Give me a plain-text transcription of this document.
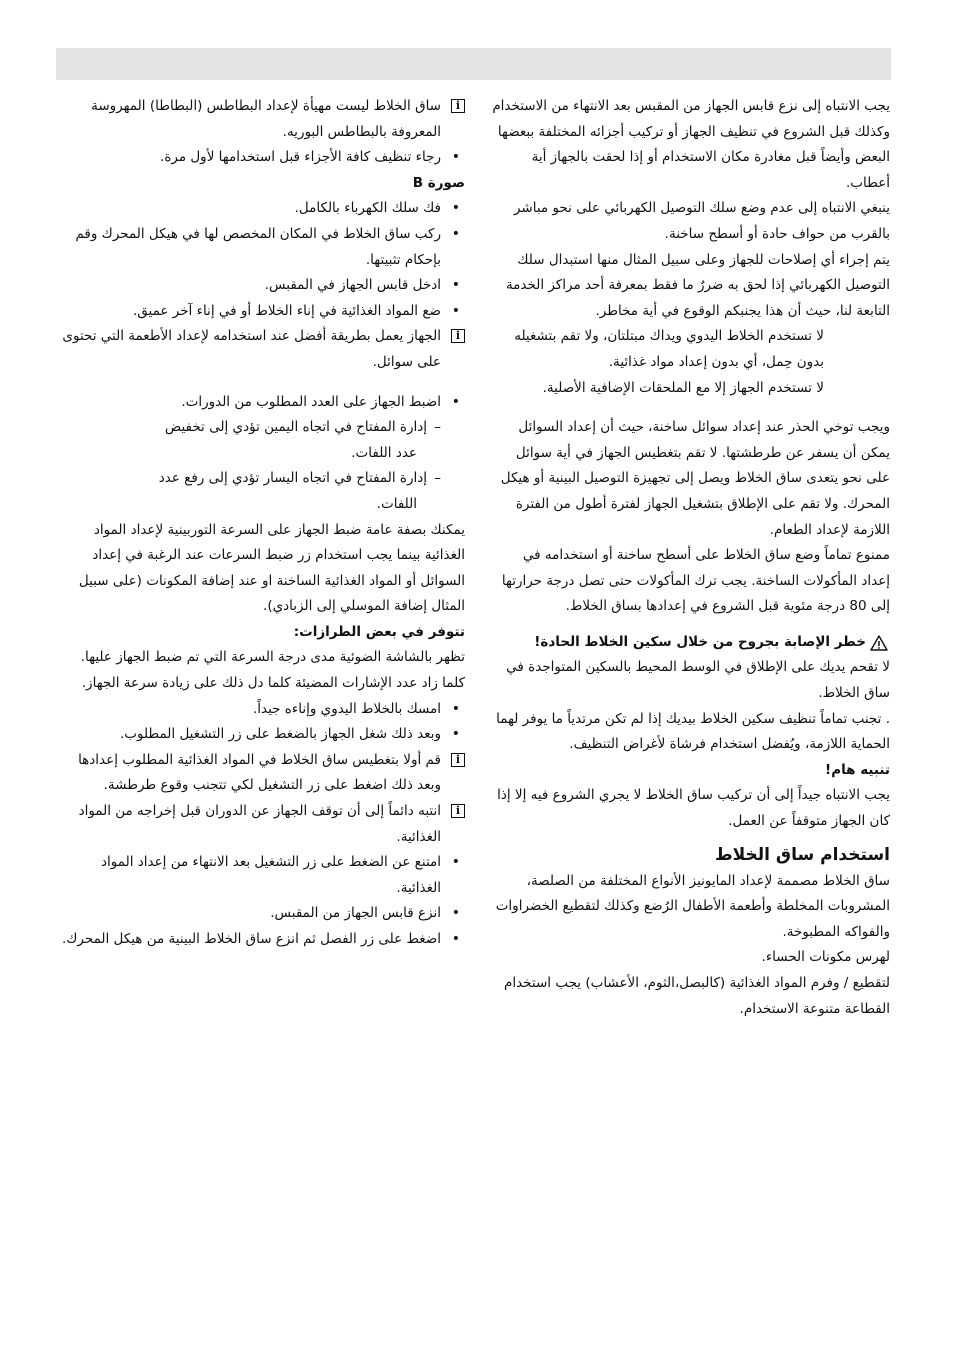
يجب الانتباه إلى نزع قابس الجهاز من المقبس بعد الانتهاء من الاستخدام وكذلك قبل الشروع في تنظيف الجهاز أو تركيب أجزائه المختلفة ببعضها البعض وأيضاً قبل مغادرة مكان الاستخدام أو إذا لحقت بالجهاز أية أعطاب.

ينبغي الانتباه إلى عدم وضع سلك التوصيل الكهربائي على نحو مباشر بالقرب من حواف حادة أو أسطح ساخنة.

يتم إجراء أي إصلاحات للجهاز وعلى سبيل المثال منها استبدال سلك التوصيل الكهربائي إذا لحق به ضررٌ ما فقط بمعرفة أحد مراكز الخدمة التابعة لنا، حيث أن هذا يجنبكم الوقوع في أية مخاطر.

لا تستخدم الخلاط اليدوي ويداك مبتلتان، ولا تقم بتشغيله بدون حِمل، أي بدون إعداد مواد غذائية.

لا تستخدم الجهاز إلا مع الملحقات الإضافية الأصلية.

ويجب توخي الحذر عند إعداد سوائل ساخنة، حيث أن إعداد السوائل يمكن أن يسفر عن طرطشتها. لا تقم بتغطيس الجهاز في أية سوائل على نحو يتعدى ساق الخلاط ويصل إلى تجهيزة التوصيل البينية أو هيكل المحرك. ولا تقم على الإطلاق بتشغيل الجهاز لفترة أطول من الفترة اللازمة لإعداد الطعام.

ممنوع تماماً وضع ساق الخلاط على أسطح ساخنة أو استخدامه في إعداد المأكولات الساخنة. يجب ترك المأكولات حتى تصل درجة حرارتها إلى 80 درجة مئوية قبل الشروع في إعدادها بساق الخلاط.

خطر الإصابة بجروح من خلال سكين الخلاط الحادة!

لا تقحم يديك على الإطلاق في الوسط المحيط بالسكين المتواجدة في ساق الخلاط.

. تجنب تماماً تنظيف سكين الخلاط بيديك إذا لم تكن مرتدياً ما يوفر لهما الحماية اللازمة، ويُفضل استخدام فرشاة لأغراض التنظيف.

تنبيه هام!

يجب الانتباه جيداً إلى أن تركيب ساق الخلاط لا يجري الشروع فيه إلا إذا كان الجهاز متوقفاً عن العمل.

استخدام ساق الخلاط

ساق الخلاط مصممة لإعداد المايونيز الأنواع المختلفة من الصلصة، المشروبات المخلطة وأطعمة الأطفال الرُضع وكذلك لتقطيع الخضراوات والفواكه المطبوخة.

لهرس مكونات الحساء.

لتقطيع / وفرم المواد الغذائية (كالبصل،الثوم، الأعشاب) يجب استخدام القطاعة متنوعة الاستخدام.

i
ساق الخلاط ليست مهيأة لإعداد البطاطس (البطاطا) المهروسة المعروفة بالبطاطس البوريه.

• رجاء تنظيف كافة الأجزاء قبل استخدامها لأول مرة.

صورة B

• فك سلك الكهرباء بالكامل.

• ركب ساق الخلاط في المكان المخصص لها في هيكل المحرك وقم بإحكام تثبيتها.

• ادخل قابس الجهاز في المقبس.

• ضع المواد الغذائية في إناء الخلاط أو في إناء آخر عميق.

i
الجهاز يعمل بطريقة أفضل عند استخدامه لإعداد الأطعمة التي تحتوى على سوائل.

• اضبط الجهاز على العدد المطلوب من الدورات.

– إدارة المفتاح في اتجاه اليمين تؤدي إلى تخفيض

عدد اللفات.

– إدارة المفتاح في اتجاه اليسار تؤدي إلى رفع عدد

اللفات.

يمكنك بصفة عامة ضبط الجهاز على السرعة التوربينية لإعداد المواد الغذائية بينما يجب استخدام زر ضبط السرعات عند الرغبة في إعداد السوائل أو المواد الغذائية الساخنة او عند إضافة المكونات (على سبيل المثال إضافة الموسلي إلى الزبادي).

تتوفر في بعض الطرازات:

تظهر بالشاشة الضوئية مدى درجة السرعة التي تم ضبط الجهاز عليها. كلما زاد عدد الإشارات المضيئة كلما دل ذلك على زيادة سرعة الجهاز.

• امسك بالخلاط اليدوي وإناءه جيداً.

• وبعد ذلك شغل الجهاز بالضغط على زر التشغيل المطلوب.

i
قم أولا بتغطيس ساق الخلاط في المواد الغذائية المطلوب إعدادها وبعد ذلك اضغط على زر التشغيل لكي تتجنب وقوع طرطشة.

i
انتبه دائماً إلى أن توقف الجهاز عن الدوران قبل إخراجه من المواد الغذائية.

• امتنع عن الضغط على زر التشغيل بعد الانتهاء من إعداد المواد الغذائية.

• انزع قابس الجهاز من المقبس.

• اضغط على زر الفصل ثم انزع ساق الخلاط البينية من هيكل المحرك.
